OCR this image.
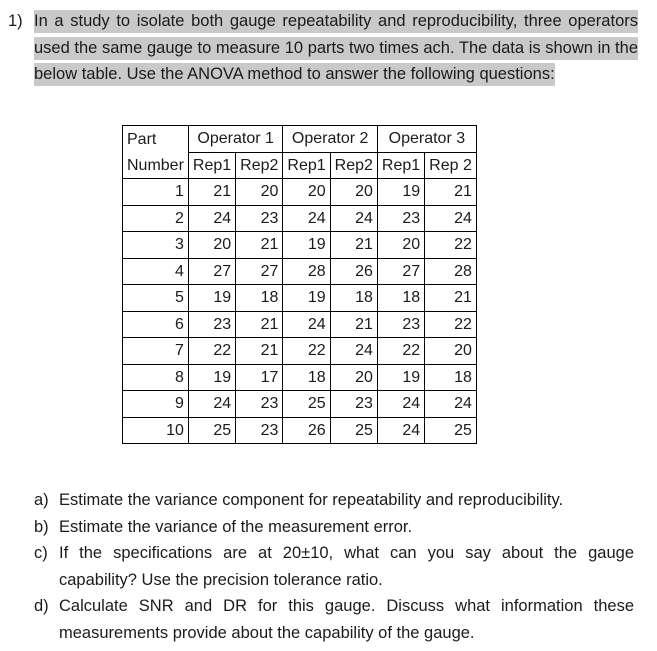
1) In a study to isolate both gauge repeatability and reproducibility, three operators used the same gauge to measure 10 parts two times ach. The data is shown in the below table. Use the ANOVA method to answer the following questions:
Part	Operator 1		Operator 2		Operator 3	
Number	Rep1	Rep2	Rep1	Rep2	Rep1	Rep 2
1	21	20	20	20	19	21
2	24	23	24	24	23	24
3	20	21	19	21	20	22
4	27	27	28	26	27	28
5	19	18	19	18	18	21
6	23	21	24	21	23	22
7	22	21	22	24	22	20
8	19	17	18	20	19	18
9	24	23	25	23	24	24
10	25	23	26	25	24	25
a) Estimate the variance component for repeatability and reproducibility.
b) Estimate the variance of the measurement error.
c) If the specifications are at 20±10, what can you say about the gauge capability? Use the precision tolerance ratio.
d) Calculate SNR and DR for this gauge. Discuss what information these measurements provide about the capability of the gauge.
